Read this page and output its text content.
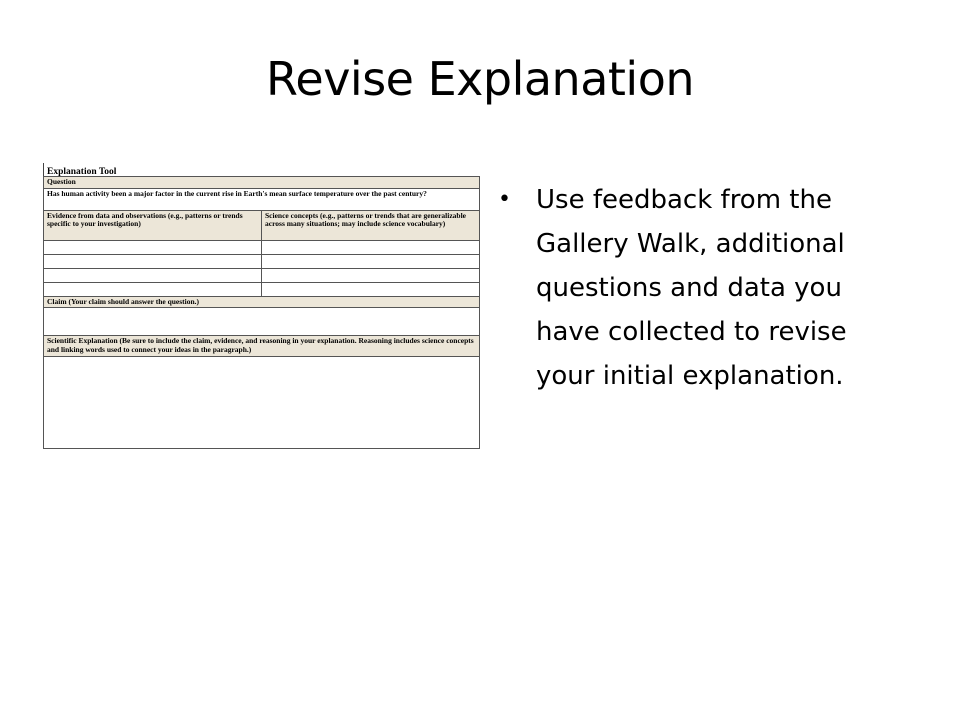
Revise Explanation
Explanation Tool
Question	
Has human activity been a major factor in the current rise in Earth's mean surface temperature over the past century?	
Evidence from data and observations (e.g., patterns or trends specific to your investigation)	Science concepts (e.g., patterns or trends that are generalizable across many situations; may include science vocabulary)

Claim (Your claim should answer the question.)	

Scientific Explanation (Be sure to include the claim, evidence, and reasoning in your explanation. Reasoning includes science concepts and linking words used to connect your ideas in the paragraph.)	

• Use feedback from the Gallery Walk, additional questions and data you have collected to revise your initial explanation.
